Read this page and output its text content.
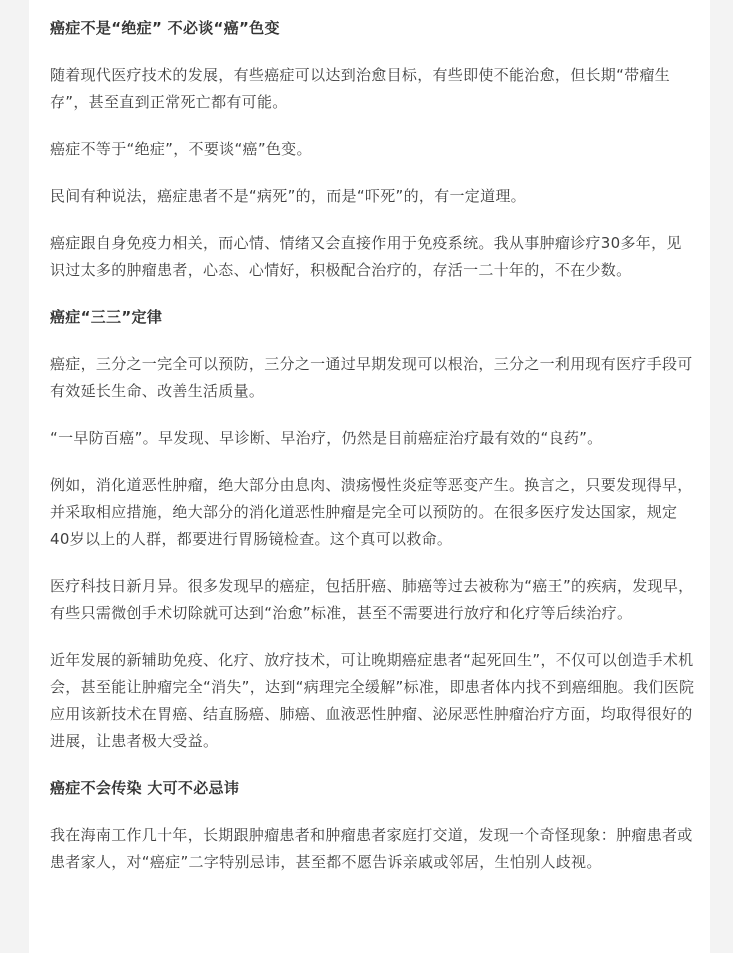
癌症不是“绝症” 不必谈“癌”色变

随着现代医疗技术的发展，有些癌症可以达到治愈目标，有些即使不能治愈，但长期“带瘤生存”，甚至直到正常死亡都有可能。

癌症不等于“绝症”，不要谈“癌”色变。

民间有种说法，癌症患者不是“病死”的，而是“吓死”的，有一定道理。

癌症跟自身免疫力相关，而心情、情绪又会直接作用于免疫系统。我从事肿瘤诊疗30多年，见识过太多的肿瘤患者，心态、心情好，积极配合治疗的，存活一二十年的，不在少数。

癌症“三三”定律

癌症，三分之一完全可以预防，三分之一通过早期发现可以根治，三分之一利用现有医疗手段可有效延长生命、改善生活质量。

“一早防百癌”。早发现、早诊断、早治疗，仍然是目前癌症治疗最有效的“良药”。

例如，消化道恶性肿瘤，绝大部分由息肉、溃疡慢性炎症等恶变产生。换言之，只要发现得早，并采取相应措施，绝大部分的消化道恶性肿瘤是完全可以预防的。在很多医疗发达国家，规定40岁以上的人群，都要进行胃肠镜检查。这个真可以救命。

医疗科技日新月异。很多发现早的癌症，包括肝癌、肺癌等过去被称为“癌王”的疾病，发现早，有些只需微创手术切除就可达到“治愈”标准，甚至不需要进行放疗和化疗等后续治疗。

近年发展的新辅助免疫、化疗、放疗技术，可让晚期癌症患者“起死回生”，不仅可以创造手术机会，甚至能让肿瘤完全“消失”，达到“病理完全缓解”标准，即患者体内找不到癌细胞。我们医院应用该新技术在胃癌、结直肠癌、肺癌、血液恶性肿瘤、泌尿恶性肿瘤治疗方面，均取得很好的进展，让患者极大受益。

癌症不会传染 大可不必忌讳

我在海南工作几十年，长期跟肿瘤患者和肿瘤患者家庭打交道，发现一个奇怪现象：肿瘤患者或患者家人，对“癌症”二字特别忌讳，甚至都不愿告诉亲戚或邻居，生怕别人歧视。
